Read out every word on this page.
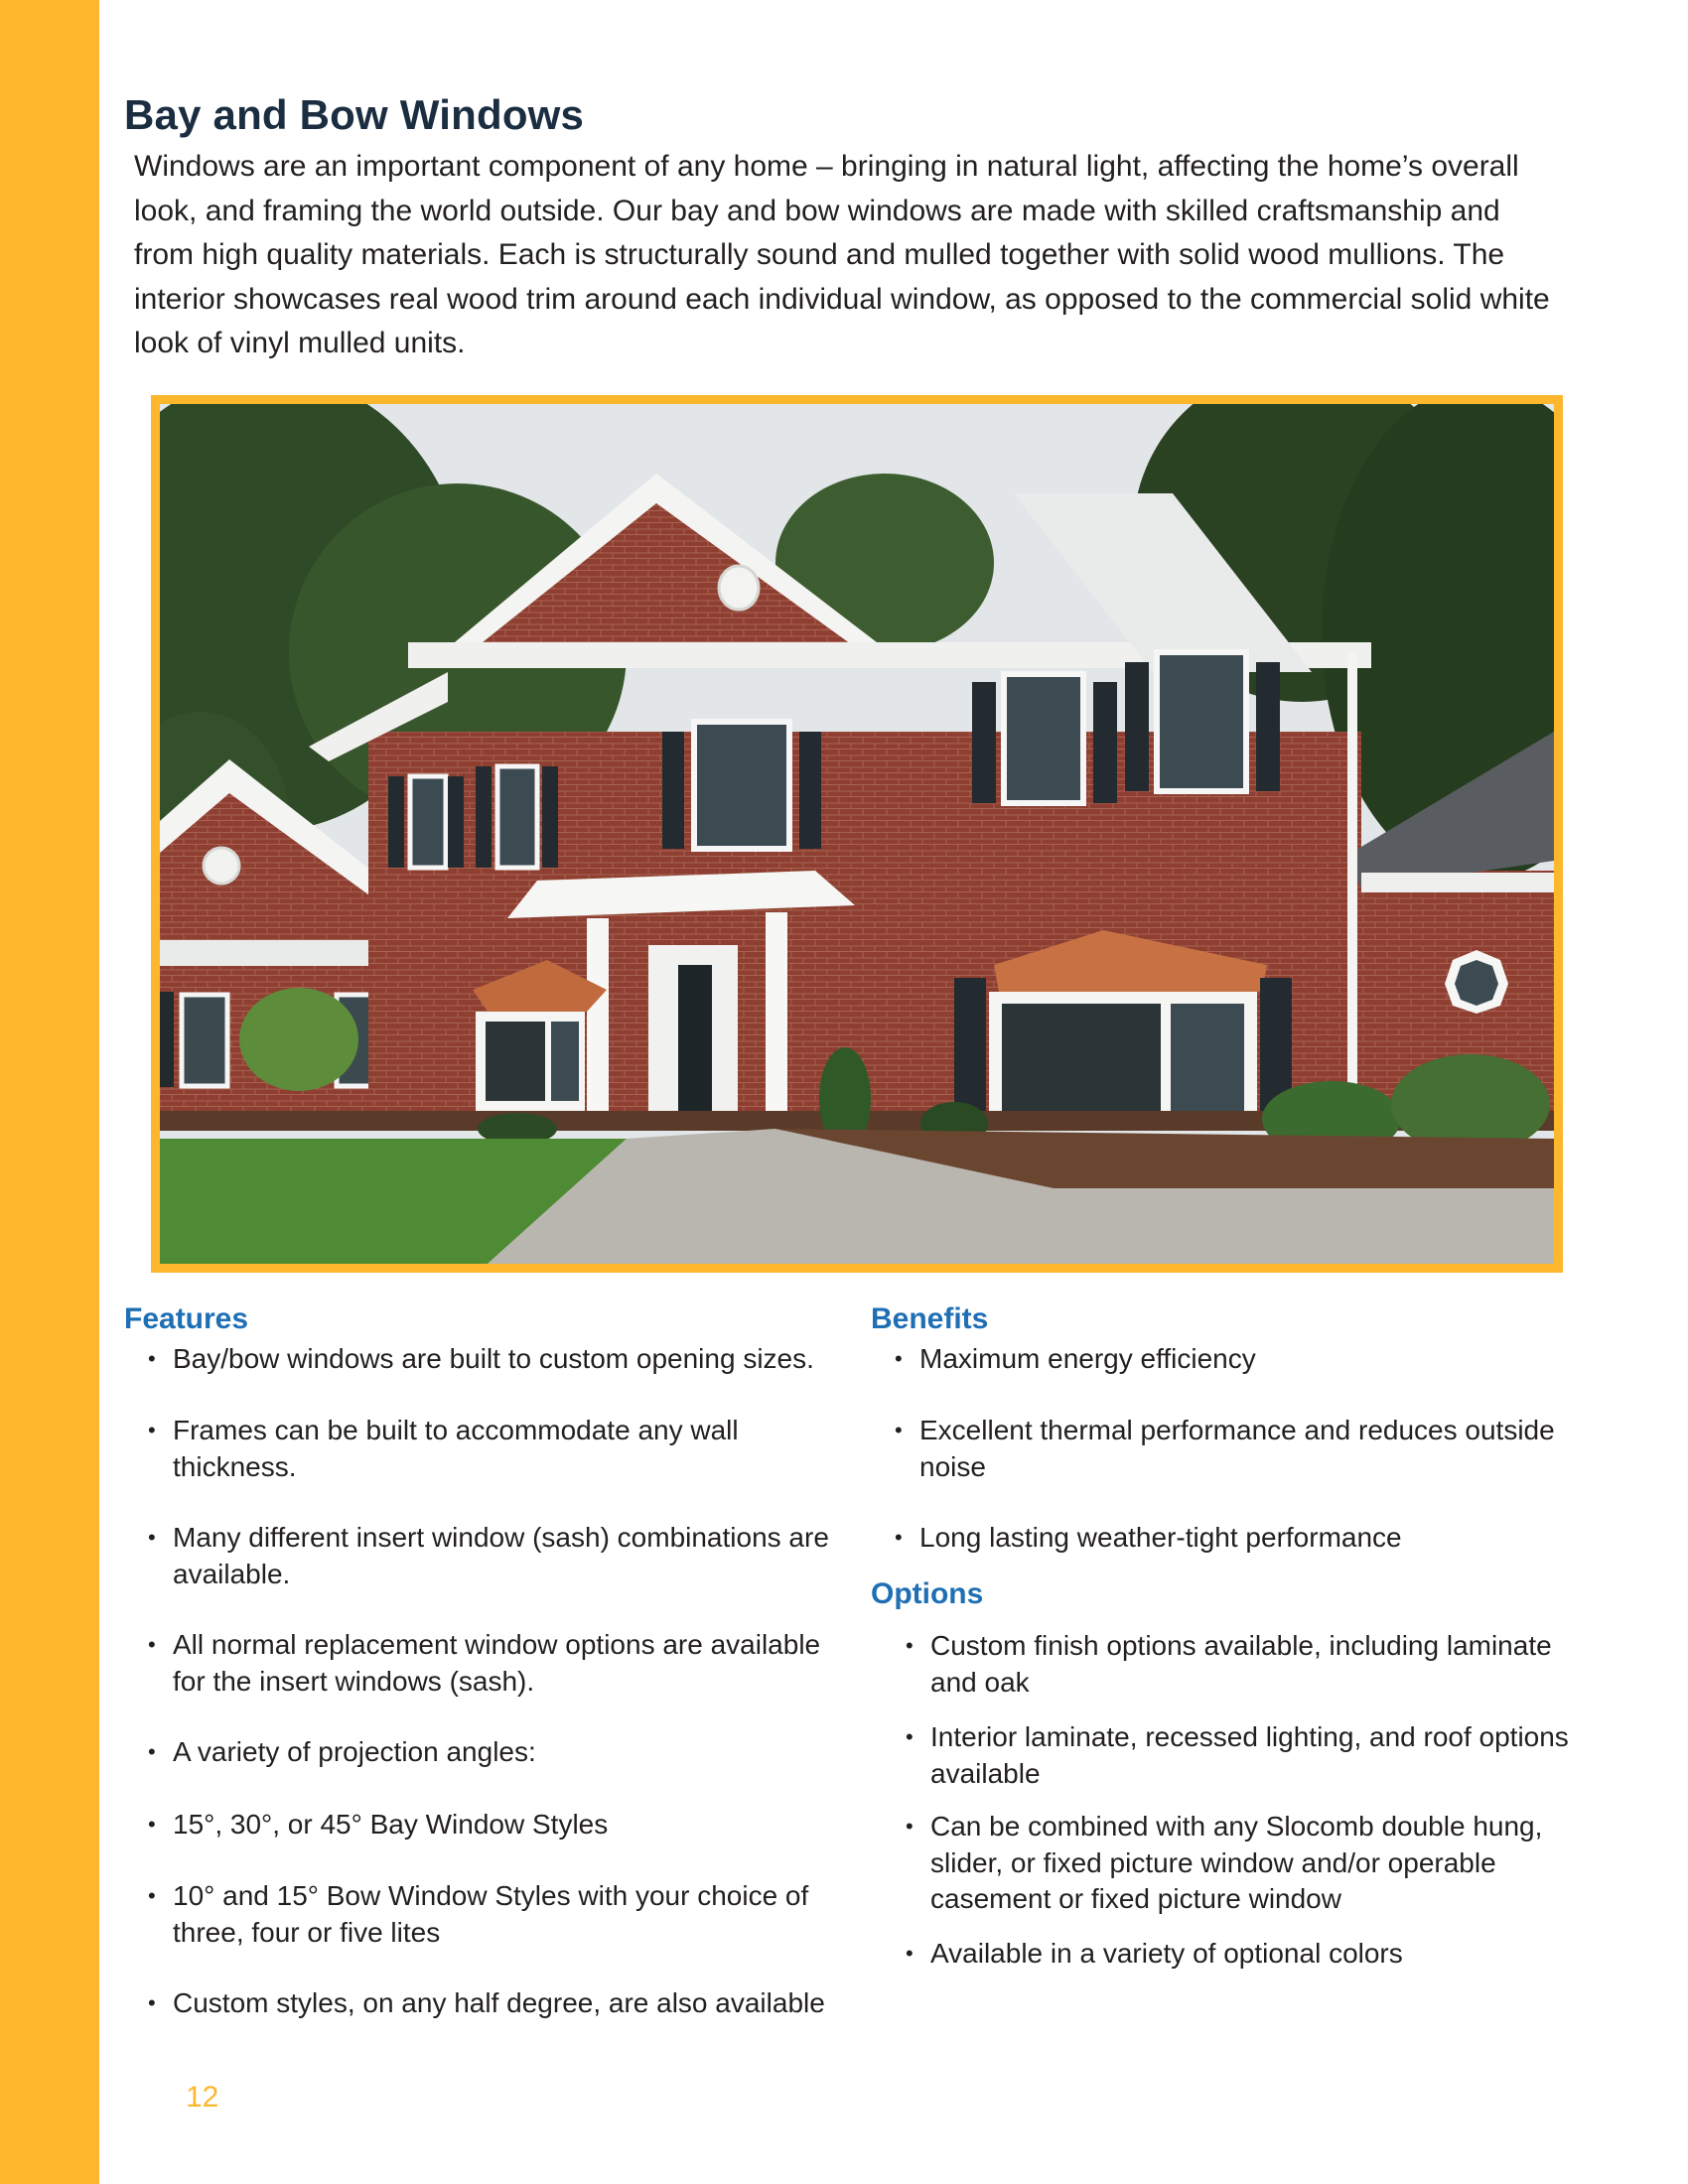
Bay and Bow Windows

Windows are an important component of any home – bringing in natural light, affecting the home’s overall look, and framing the world outside. Our bay and bow windows are made with skilled craftsmanship and from high quality materials. Each is structurally sound and mulled together with solid wood mullions. The interior showcases real wood trim around each individual window, as opposed to the commercial solid white look of vinyl mulled units.

Features
• Bay/bow windows are built to custom opening sizes.
• Frames can be built to accommodate any wall thickness.
• Many different insert window (sash) combinations are available.
• All normal replacement window options are available for the insert windows (sash).
• A variety of projection angles:
• 15°, 30°, or 45° Bay Window Styles
• 10° and 15° Bow Window Styles with your choice of three, four or five lites
• Custom styles, on any half degree, are also available
Benefits
• Maximum energy efficiency
• Excellent thermal performance and reduces outside noise
• Long lasting weather-tight performance
Options
• Custom finish options available, including laminate and oak
• Interior laminate, recessed lighting, and roof options available
• Can be combined with any Slocomb double hung, slider, or fixed picture window and/or operable casement or fixed picture window
• Available in a variety of optional colors
12
